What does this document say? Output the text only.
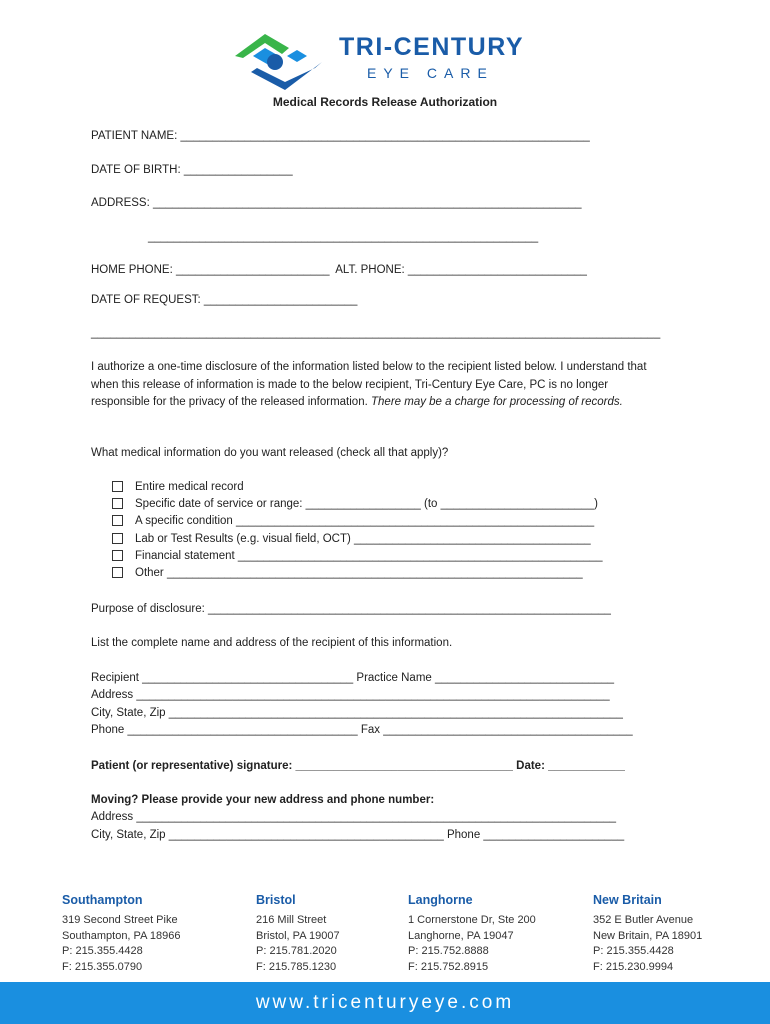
TRI-CENTURY
EYE CARE
Medical Records Release Authorization
PATIENT NAME: ________________________________________________________________
DATE OF BIRTH: _________________
ADDRESS: ___________________________________________________________________
_____________________________________________________________
HOME PHONE: ________________________  ALT. PHONE: ____________________________
DATE OF REQUEST: ________________________
_________________________________________________________________________________________
I authorize a one-time disclosure of the information listed below to the recipient listed below. I understand that when this release of information is made to the below recipient, Tri-Century Eye Care, PC is no longer responsible for the privacy of the released information. There may be a charge for processing of records.
What medical information do you want released (check all that apply)?
Entire medical record
Specific date of service or range: __________________ (to ________________________)
A specific condition ________________________________________________________
Lab or Test Results (e.g. visual field, OCT) _____________________________________
Financial statement _________________________________________________________
Other _________________________________________________________________
Purpose of disclosure: _______________________________________________________________
List the complete name and address of the recipient of this information.
Recipient _________________________________ Practice Name ____________________________
Address __________________________________________________________________________
City, State, Zip _______________________________________________________________________
Phone ____________________________________ Fax _______________________________________
Patient (or representative) signature: __________________________________ Date: ____________
Moving? Please provide your new address and phone number:
Address ___________________________________________________________________________
City, State, Zip ___________________________________________ Phone ______________________
Southampton
319 Second Street Pike
Southampton, PA 18966
P: 215.355.4428
F: 215.355.0790
Bristol
216 Mill Street
Bristol, PA 19007
P: 215.781.2020
F: 215.785.1230
Langhorne
1 Cornerstone Dr, Ste 200
Langhorne, PA 19047
P: 215.752.8888
F: 215.752.8915
New Britain
352 E Butler Avenue
New Britain, PA 18901
P: 215.355.4428
F: 215.230.9994
www.tricenturyeye.com
